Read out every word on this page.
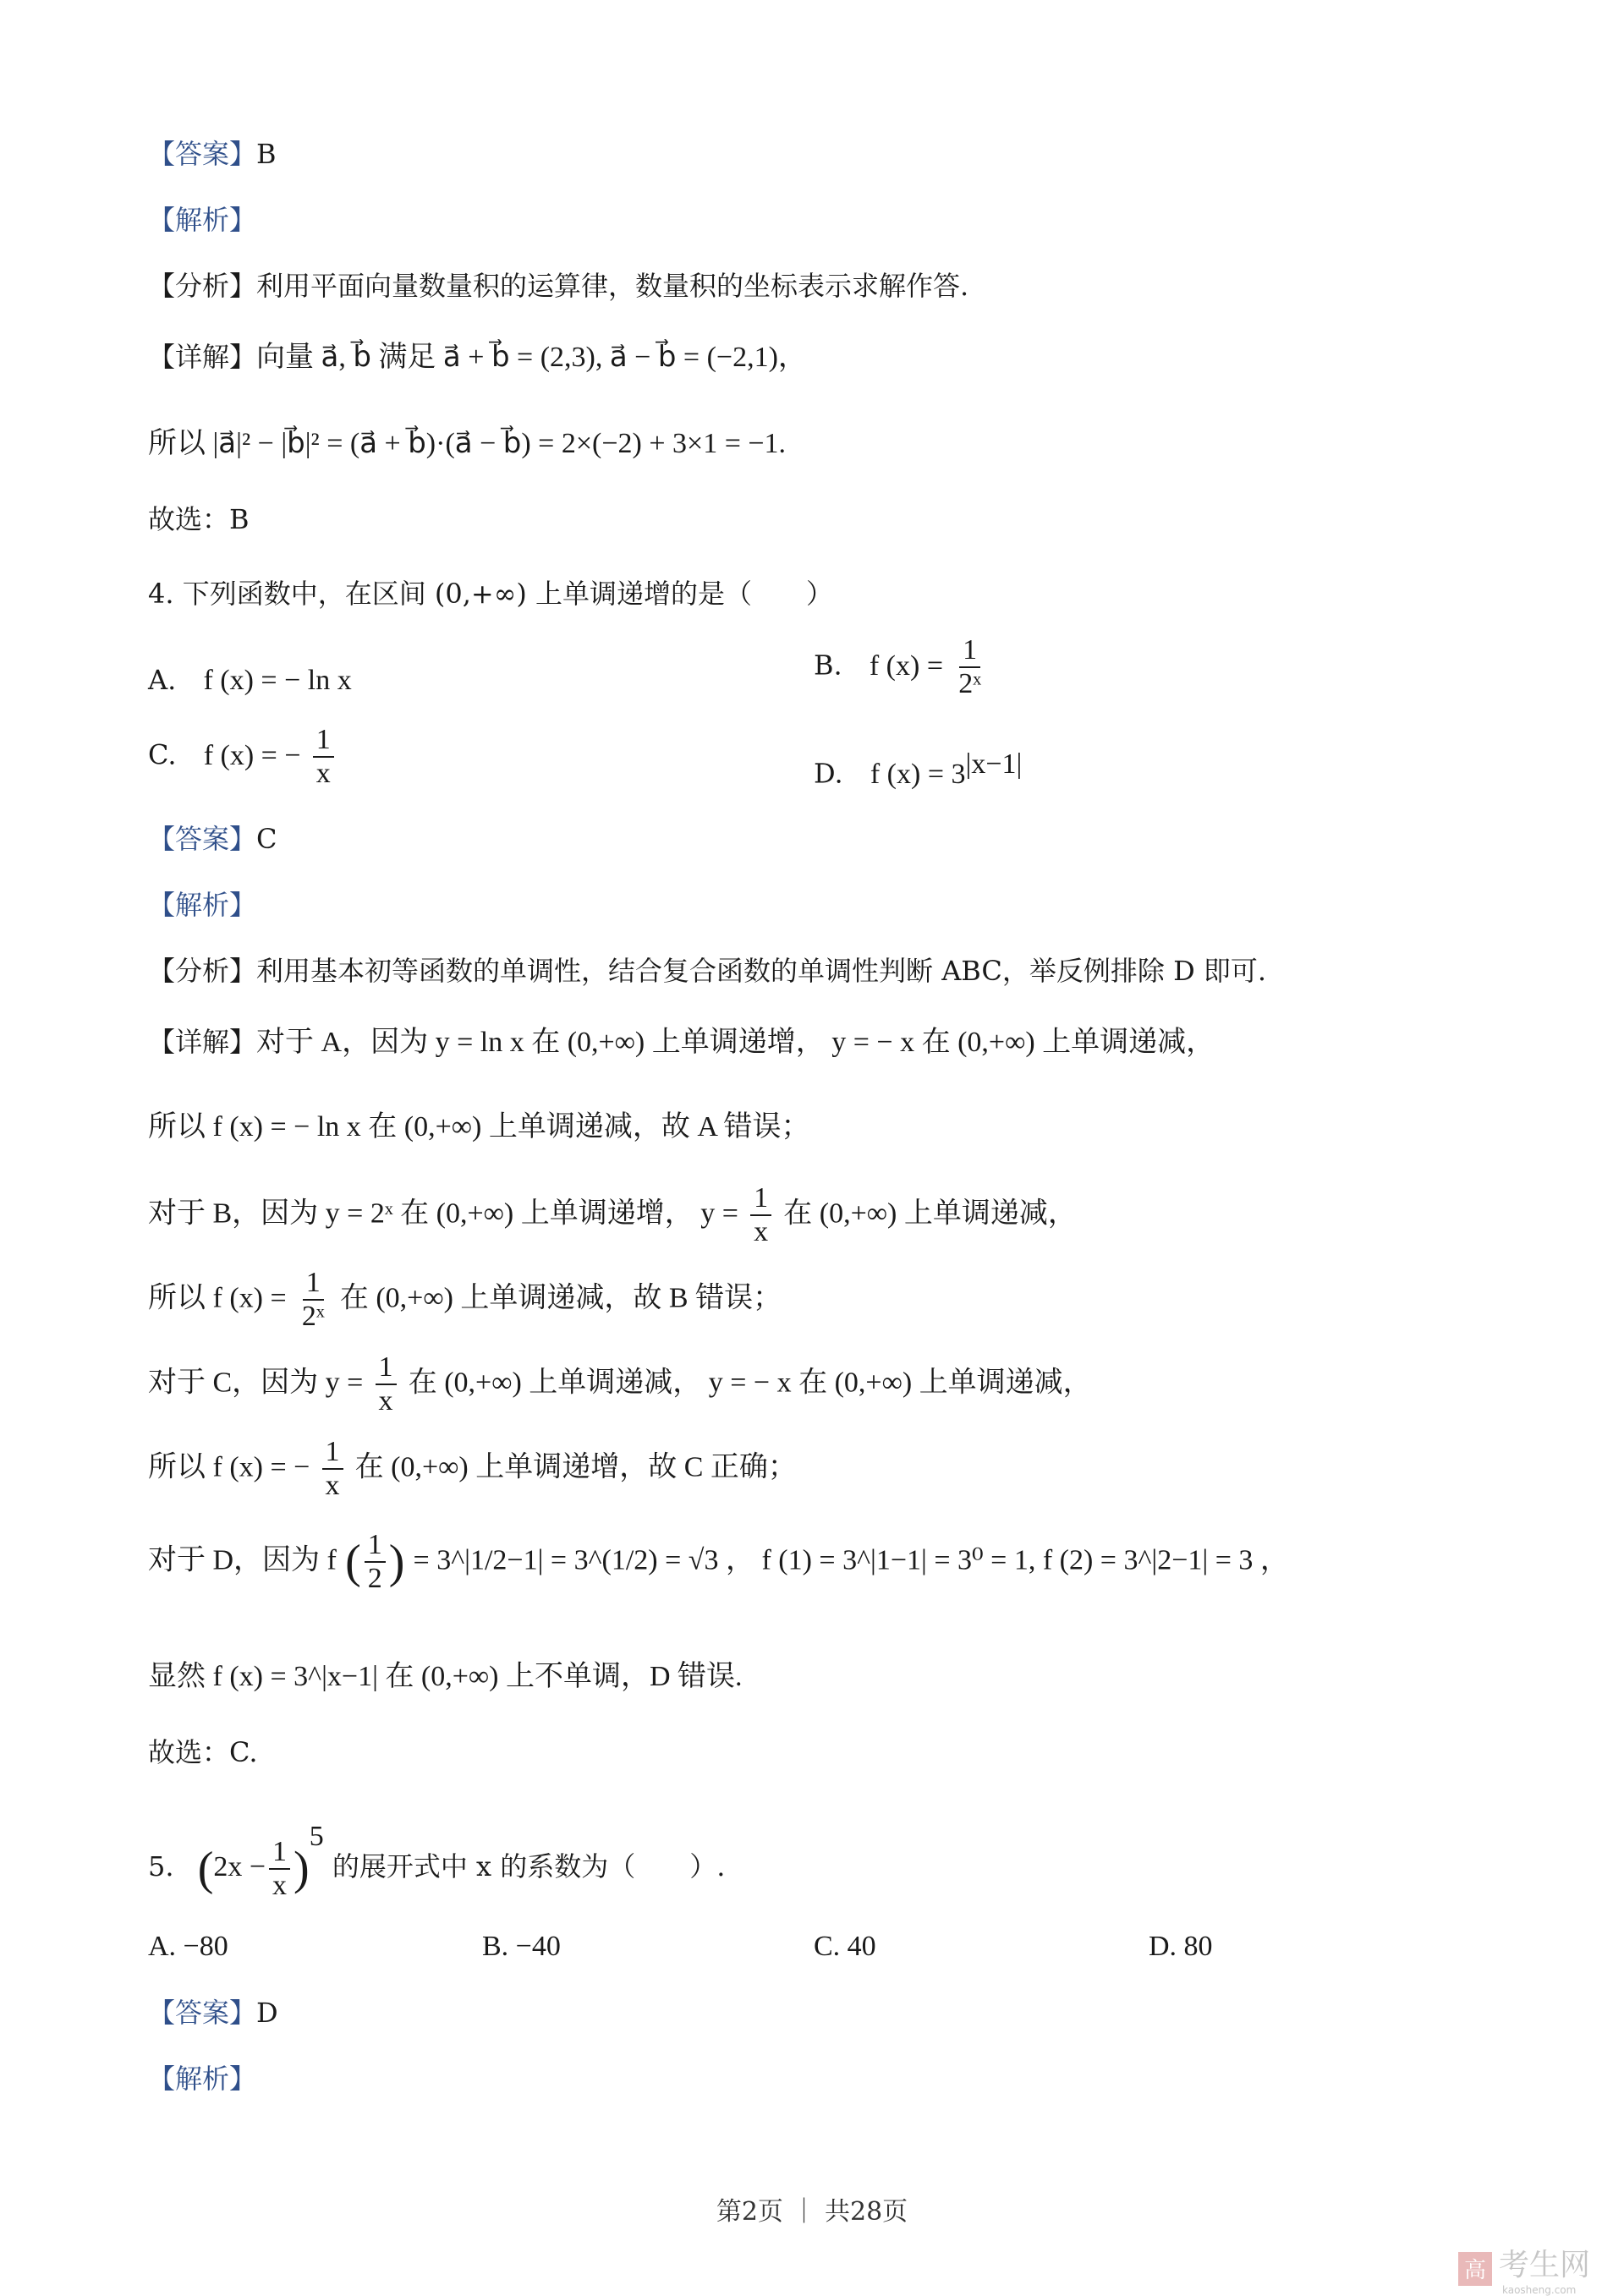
【答案】B
【解析】
【分析】利用平面向量数量积的运算律，数量积的坐标表示求解作答.
【详解】向量 a⃗, b⃗ 满足 a⃗ + b⃗ = (2,3), a⃗ − b⃗ = (−2,1)，
所以 |a⃗|² − |b⃗|² = (a⃗ + b⃗)·(a⃗ − b⃗) = 2×(−2) + 3×1 = −1.
故选：B
4. 下列函数中，在区间 (0,+∞) 上单调递增的是（　　）
A. f (x) = − ln x	B. f $(x) = \frac{1}{\text{2ˣ}}$
C. f (x) = − $\frac{1}{x}$	D. f $(x) = 3^{|x-1|}$
【答案】C
【解析】
【分析】利用基本初等函数的单调性，结合复合函数的单调性判断 ABC，举反例排除 D 即可.
【详解】对于 A，因为 y = ln x 在 (0,+∞) 上单调递增， y = − x 在 (0,+∞) 上单调递减，
所以 f (x) = − ln x 在 (0,+∞) 上单调递减，故 A 错误；
对于 B，因为 y = 2ˣ 在 (0,+∞) 上单调递增， $y = \frac{1}{x}$ 在 (0,+∞) 上单调递减，
所以 f $(x) = \frac{1}{\text{2ˣ}}$ 在 (0,+∞) 上单调递减，故 B 错误；
对于 C，因为 $y = \frac{1}{x}$ 在 (0,+∞) 上单调递减， y = − x 在 (0,+∞) 上单调递减，
所以 f (x) = − $\frac{1}{x}$ 在 (0,+∞) 上单调递增，故 C 正确；
对于 D，因为 f ( $\frac{1}{2}$ ) = 3^|1/2−1| = 3^(1/2) = √3 ， f (1) = 3^|1−1| = 3⁰ = 1, f (2) = 3^|2−1| = 3 ，
显然 f (x) = 3^|x−1| 在 (0,+∞) 上不单调，D 错误.
故选：C.
5. $(2x - \frac{1}{x} )^5$ 的展开式中 x 的系数为（　　）.
A. −80	B. −40	C. 40	D. 80
【答案】D
【解析】
第2页 ｜ 共28页
高 考生网
kaosheng.com
